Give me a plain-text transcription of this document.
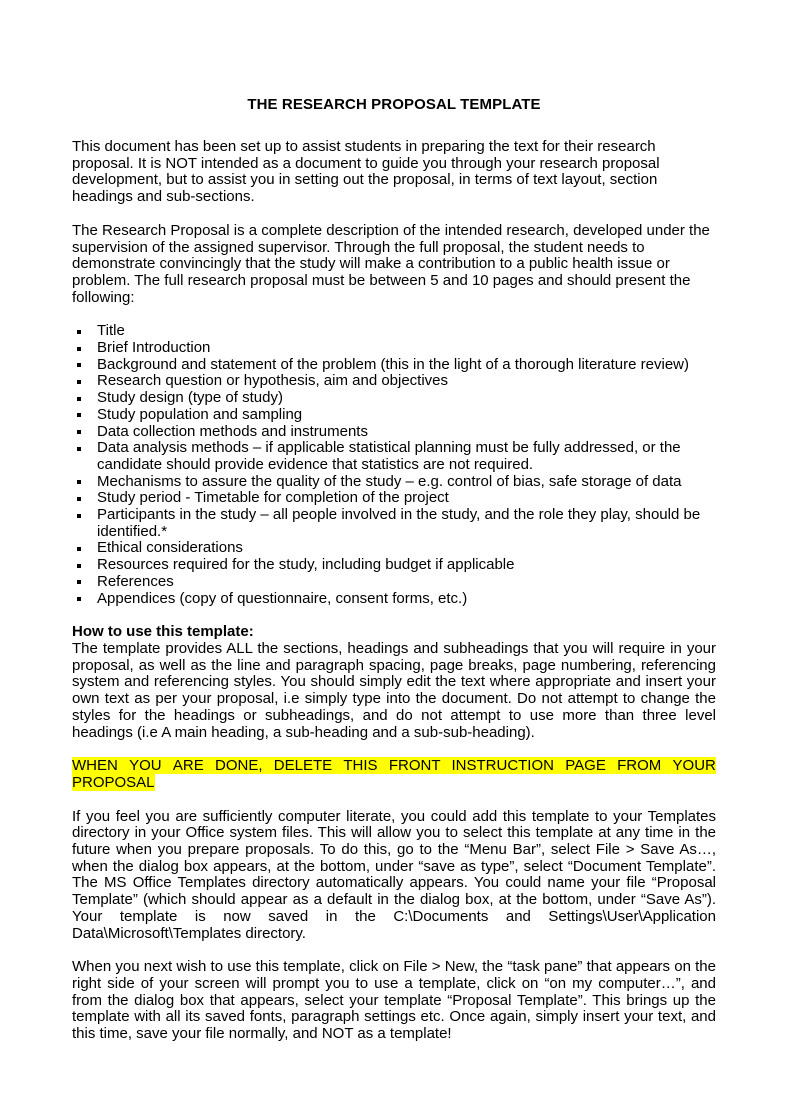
THE RESEARCH PROPOSAL TEMPLATE

This document has been set up to assist students in preparing the text for their research proposal. It is NOT intended as a document to guide you through your research proposal development, but to assist you in setting out the proposal, in terms of text layout, section headings and sub-sections.

The Research Proposal is a complete description of the intended research, developed under the supervision of the assigned supervisor. Through the full proposal, the student needs to demonstrate convincingly that the study will make a contribution to a public health issue or problem. The full research proposal must be between 5 and 10 pages and should present the following:

Title
Brief Introduction
Background and statement of the problem (this in the light of a thorough literature review)
Research question or hypothesis, aim and objectives
Study design (type of study)
Study population and sampling
Data collection methods and instruments
Data analysis methods – if applicable statistical planning must be fully addressed, or the candidate should provide evidence that statistics are not required.
Mechanisms to assure the quality of the study – e.g. control of bias, safe storage of data
Study period - Timetable for completion of the project
Participants in the study – all people involved in the study, and the role they play, should be identified.*
Ethical considerations
Resources required for the study, including budget if applicable
References
Appendices (copy of questionnaire, consent forms, etc.)
How to use this template:

The template provides ALL the sections, headings and subheadings that you will require in your proposal, as well as the line and paragraph spacing, page breaks, page numbering, referencing system and referencing styles. You should simply edit the text where appropriate and insert your own text as per your proposal, i.e simply type into the document. Do not attempt to change the styles for the headings or subheadings, and do not attempt to use more than three level headings (i.e A main heading, a sub-heading and a sub-sub-heading).

WHEN YOU ARE DONE, DELETE THIS FRONT INSTRUCTION PAGE FROM YOUR
PROPOSAL

If you feel you are sufficiently computer literate, you could add this template to your Templates directory in your Office system files. This will allow you to select this template at any time in the future when you prepare proposals. To do this, go to the “Menu Bar”, select File > Save As…, when the dialog box appears, at the bottom, under “save as type”, select “Document Template”. The MS Office Templates directory automatically appears. You could name your file “Proposal Template” (which should appear as a default in the dialog box, at the bottom, under “Save As”). Your template is now saved in the C:\Documents and Settings\User\Application Data\Microsoft\Templates directory.

When you next wish to use this template, click on File > New, the “task pane” that appears on the right side of your screen will prompt you to use a template, click on “on my computer…”, and from the dialog box that appears, select your template “Proposal Template”. This brings up the template with all its saved fonts, paragraph settings etc. Once again, simply insert your text, and this time, save your file normally, and NOT as a template!
